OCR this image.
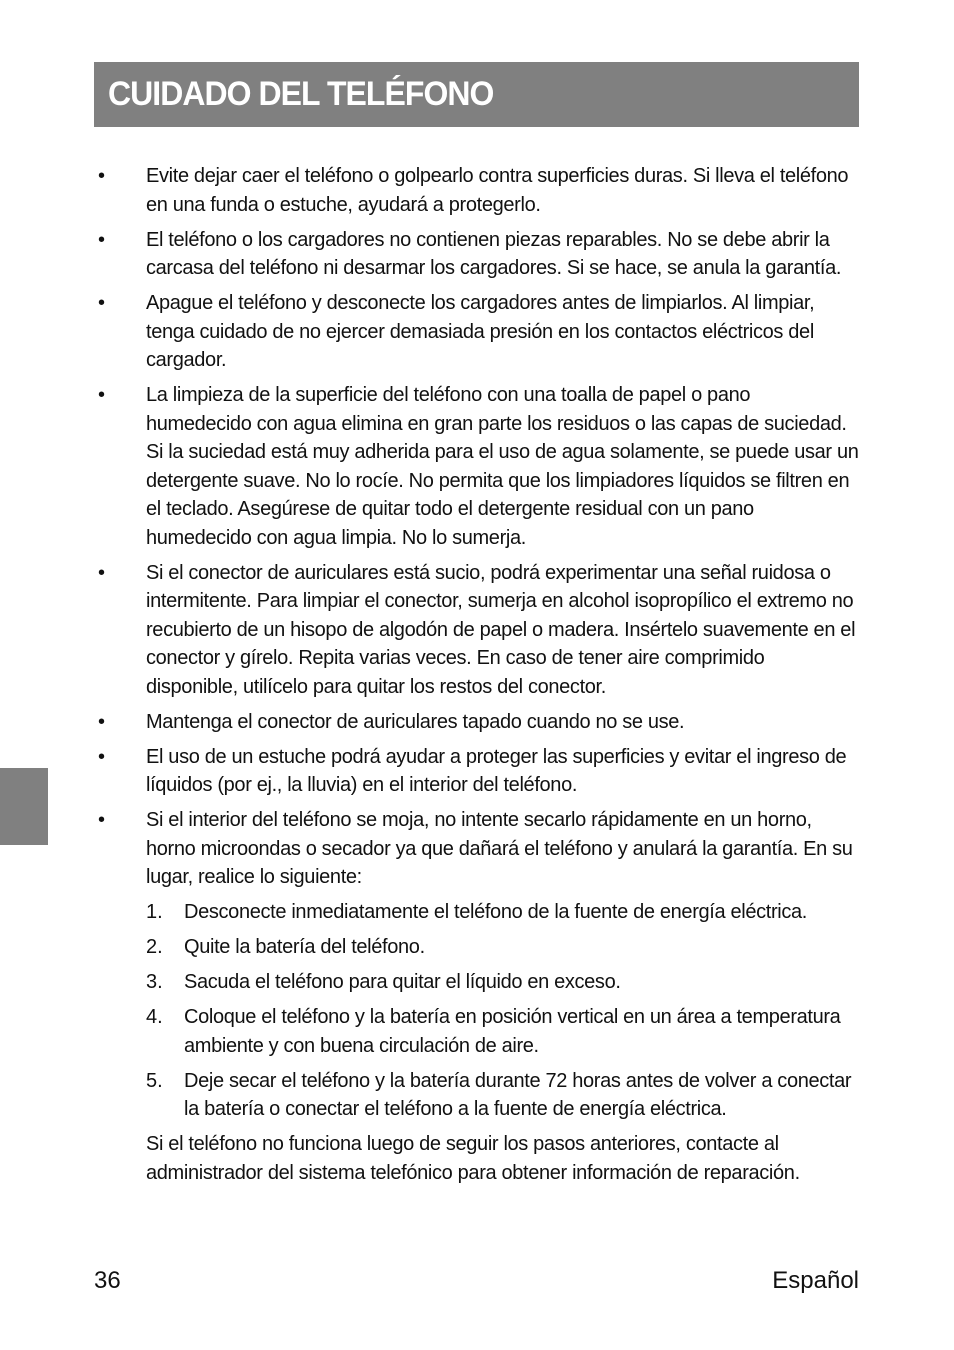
CUIDADO DEL TELÉFONO
• Evite dejar caer el teléfono o golpearlo contra superficies duras. Si lleva el teléfono en una funda o estuche, ayudará a protegerlo.
• El teléfono o los cargadores no contienen piezas reparables. No se debe abrir la carcasa del teléfono ni desarmar los cargadores. Si se hace, se anula la garantía.
• Apague el teléfono y desconecte los cargadores antes de limpiarlos. Al limpiar, tenga cuidado de no ejercer demasiada presión en los contactos eléctricos del cargador.
• La limpieza de la superficie del teléfono con una toalla de papel o pano humedecido con agua elimina en gran parte los residuos o las capas de suciedad. Si la suciedad está muy adherida para el uso de agua solamente, se puede usar un detergente suave. No lo rocíe. No permita que los limpiadores líquidos se filtren en el teclado. Asegúrese de quitar todo el detergente residual con un pano humedecido con agua limpia. No lo sumerja.
• Si el conector de auriculares está sucio, podrá experimentar una señal ruidosa o intermitente. Para limpiar el conector, sumerja en alcohol isopropílico el extremo no recubierto de un hisopo de algodón de papel o madera. Insértelo suavemente en el conector y gírelo. Repita varias veces. En caso de tener aire comprimido disponible, utilícelo para quitar los restos del conector.
• Mantenga el conector de auriculares tapado cuando no se use.
• El uso de un estuche podrá ayudar a proteger las superficies y evitar el ingreso de líquidos (por ej., la lluvia) en el interior del teléfono.
• Si el interior del teléfono se moja, no intente secarlo rápidamente en un horno, horno microondas o secador ya que dañará el teléfono y anulará la garantía. En su lugar, realice lo siguiente:
1. Desconecte inmediatamente el teléfono de la fuente de energía eléctrica.
2. Quite la batería del teléfono.
3. Sacuda el teléfono para quitar el líquido en exceso.
4. Coloque el teléfono y la batería en posición vertical en un área a temperatura ambiente y con buena circulación de aire.
5. Deje secar el teléfono y la batería durante 72 horas antes de volver a conectar la batería o conectar el teléfono a la fuente de energía eléctrica.

Si el teléfono no funciona luego de seguir los pasos anteriores, contacte al administrador del sistema telefónico para obtener información de reparación.

36	Español
